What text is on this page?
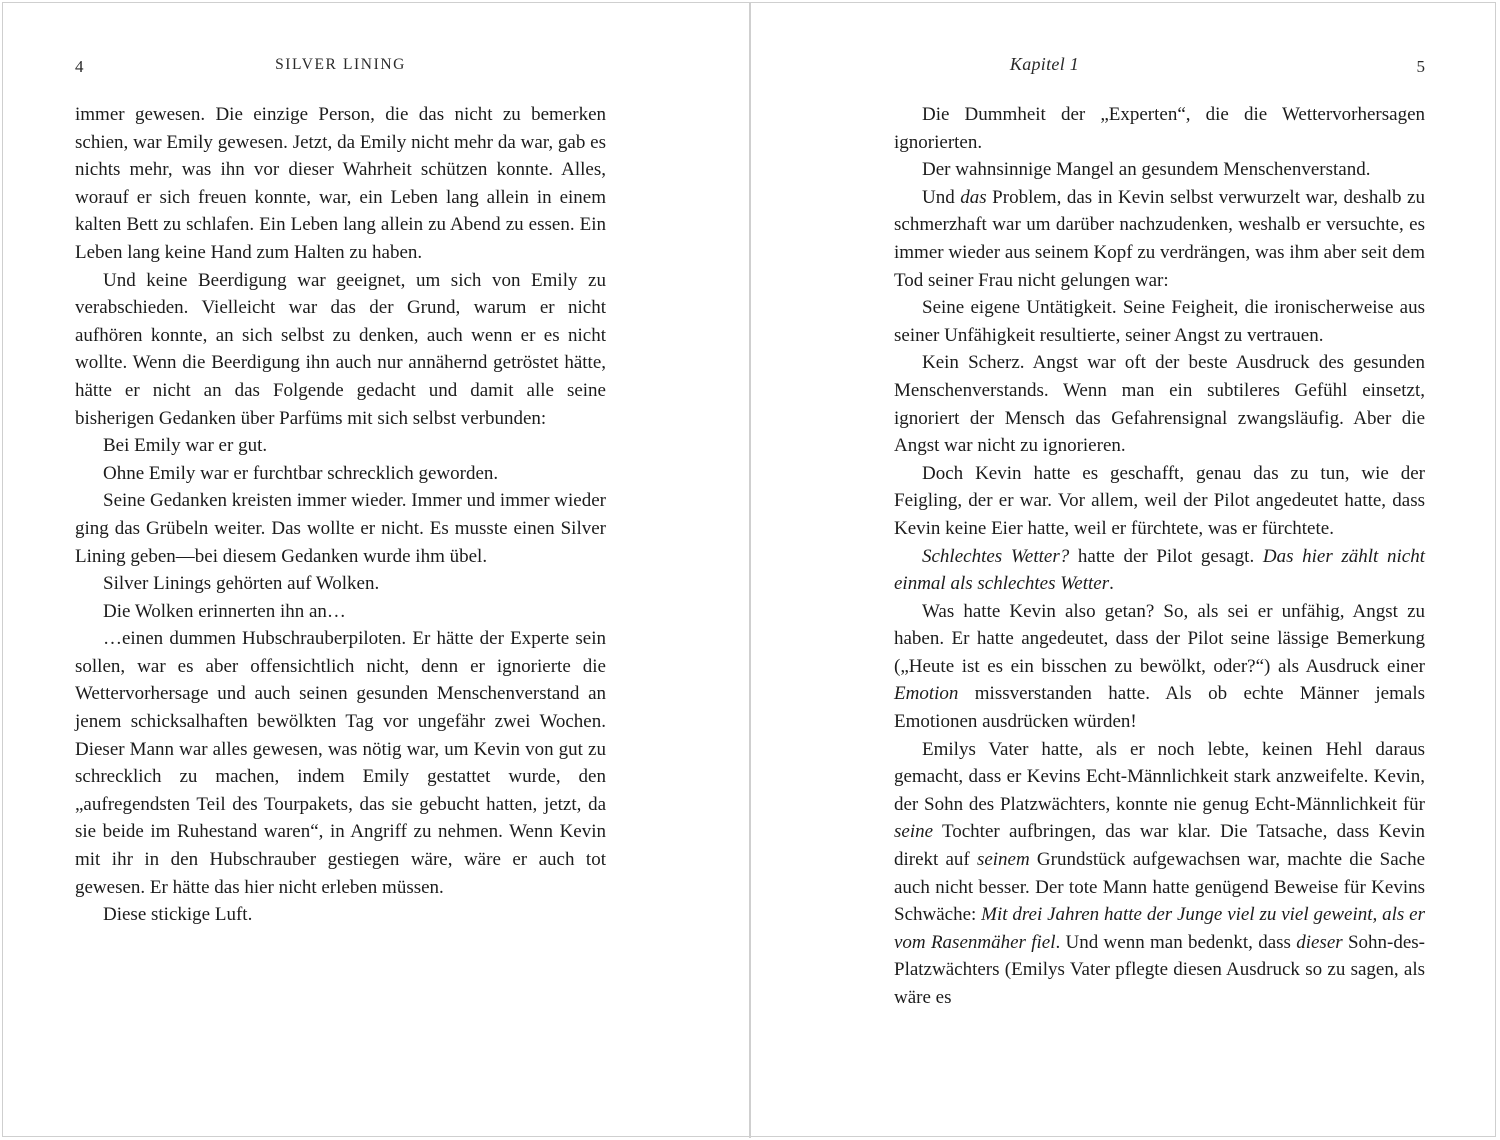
4	SILVER LINING

immer gewesen. Die einzige Person, die das nicht zu bemerken schien, war Emily gewesen. Jetzt, da Emily nicht mehr da war, gab es nichts mehr, was ihn vor dieser Wahrheit schützen konnte. Alles, worauf er sich freuen konnte, war, ein Leben lang allein in einem kalten Bett zu schlafen. Ein Leben lang allein zu Abend zu essen. Ein Leben lang keine Hand zum Halten zu haben.

Und keine Beerdigung war geeignet, um sich von Emily zu verabschieden. Vielleicht war das der Grund, warum er nicht aufhören konnte, an sich selbst zu denken, auch wenn er es nicht wollte. Wenn die Beerdigung ihn auch nur annähernd getröstet hätte, hätte er nicht an das Folgende gedacht und damit alle seine bisherigen Gedanken über Parfüms mit sich selbst verbunden:

Bei Emily war er gut.

Ohne Emily war er furchtbar schrecklich geworden.

Seine Gedanken kreisten immer wieder. Immer und immer wieder ging das Grübeln weiter. Das wollte er nicht. Es musste einen Silver Lining geben—bei diesem Gedanken wurde ihm übel.

Silver Linings gehörten auf Wolken.

Die Wolken erinnerten ihn an…

…einen dummen Hubschrauberpiloten. Er hätte der Experte sein sollen, war es aber offensichtlich nicht, denn er ignorierte die Wettervorhersage und auch seinen gesunden Menschenverstand an jenem schicksalhaften bewölkten Tag vor ungefähr zwei Wochen. Dieser Mann war alles gewesen, was nötig war, um Kevin von gut zu schrecklich zu machen, indem Emily gestattet wurde, den „aufregendsten Teil des Tourpakets, das sie gebucht hatten, jetzt, da sie beide im Ruhestand waren“, in Angriff zu nehmen. Wenn Kevin mit ihr in den Hubschrauber gestiegen wäre, wäre er auch tot gewesen. Er hätte das hier nicht erleben müssen.

Diese stickige Luft.

Kapitel 1	5

Die Dummheit der „Experten“, die die Wettervorhersagen ignorierten.

Der wahnsinnige Mangel an gesundem Menschenverstand.

Und das Problem, das in Kevin selbst verwurzelt war, deshalb zu schmerzhaft war um darüber nachzudenken, weshalb er versuchte, es immer wieder aus seinem Kopf zu verdrängen, was ihm aber seit dem Tod seiner Frau nicht gelungen war:

Seine eigene Untätigkeit. Seine Feigheit, die ironischerweise aus seiner Unfähigkeit resultierte, seiner Angst zu vertrauen.

Kein Scherz. Angst war oft der beste Ausdruck des gesunden Menschenverstands. Wenn man ein subtileres Gefühl einsetzt, ignoriert der Mensch das Gefahrensignal zwangsläufig. Aber die Angst war nicht zu ignorieren.

Doch Kevin hatte es geschafft, genau das zu tun, wie der Feigling, der er war. Vor allem, weil der Pilot angedeutet hatte, dass Kevin keine Eier hatte, weil er fürchtete, was er fürchtete.

Schlechtes Wetter? hatte der Pilot gesagt. Das hier zählt nicht einmal als schlechtes Wetter.

Was hatte Kevin also getan? So, als sei er unfähig, Angst zu haben. Er hatte angedeutet, dass der Pilot seine lässige Bemerkung („Heute ist es ein bisschen zu bewölkt, oder?“) als Ausdruck einer Emotion missverstanden hatte. Als ob echte Männer jemals Emotionen ausdrücken würden!

Emilys Vater hatte, als er noch lebte, keinen Hehl daraus gemacht, dass er Kevins Echt-Männlichkeit stark anzweifelte. Kevin, der Sohn des Platzwächters, konnte nie genug Echt-Männlichkeit für seine Tochter aufbringen, das war klar. Die Tatsache, dass Kevin direkt auf seinem Grundstück aufgewachsen war, machte die Sache auch nicht besser. Der tote Mann hatte genügend Beweise für Kevins Schwäche: Mit drei Jahren hatte der Junge viel zu viel geweint, als er vom Rasenmäher fiel. Und wenn man bedenkt, dass dieser Sohn-des-Platzwächters (Emilys Vater pflegte diesen Ausdruck so zu sagen, als wäre es
